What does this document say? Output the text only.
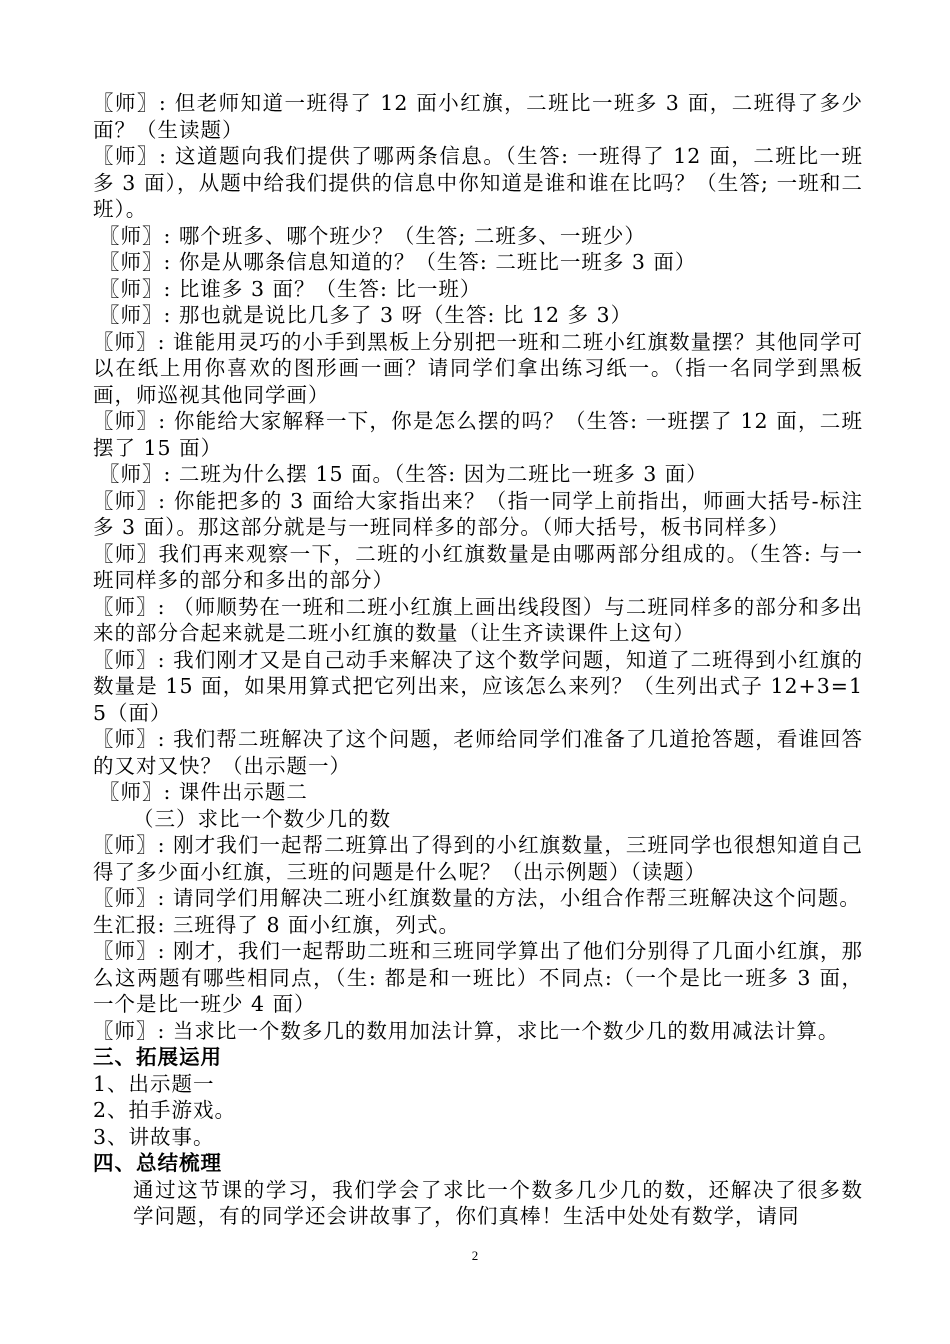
〖师〗: 但老师知道一班得了 12 面小红旗，二班比一班多 3 面，二班得了多少面？（生读题）

〖师〗: 这道题向我们提供了哪两条信息。（生答: 一班得了 12 面，二班比一班多 3 面），从题中给我们提供的信息中你知道是谁和谁在比吗？（生答; 一班和二班）。

〖师〗: 哪个班多、哪个班少？（生答; 二班多、一班少）

〖师〗: 你是从哪条信息知道的？（生答: 二班比一班多 3 面）

〖师〗: 比谁多 3 面？（生答: 比一班）

〖师〗: 那也就是说比几多了 3 呀（生答: 比 12 多 3）

〖师〗: 谁能用灵巧的小手到黑板上分别把一班和二班小红旗数量摆？其他同学可以在纸上用你喜欢的图形画一画？请同学们拿出练习纸一。（指一名同学到黑板画，师巡视其他同学画）

〖师〗: 你能给大家解释一下，你是怎么摆的吗？（生答: 一班摆了 12 面，二班摆了 15 面）

〖师〗: 二班为什么摆 15 面。（生答: 因为二班比一班多 3 面）

〖师〗: 你能把多的 3 面给大家指出来？（指一同学上前指出，师画大括号-标注多 3 面）。那这部分就是与一班同样多的部分。（师大括号，板书同样多）

〖师〗我们再来观察一下，二班的小红旗数量是由哪两部分组成的。（生答: 与一班同样多的部分和多出的部分）

〖师〗: （师顺势在一班和二班小红旗上画出线段图）与二班同样多的部分和多出来的部分合起来就是二班小红旗的数量（让生齐读课件上这句）

〖师〗: 我们刚才又是自己动手来解决了这个数学问题，知道了二班得到小红旗的数量是 15 面，如果用算式把它列出来，应该怎么来列？（生列出式子 12+3=15（面）

〖师〗: 我们帮二班解决了这个问题，老师给同学们准备了几道抢答题，看谁回答的又对又快？（出示题一）

〖师〗: 课件出示题二

（三）求比一个数少几的数

〖师〗: 刚才我们一起帮二班算出了得到的小红旗数量，三班同学也很想知道自己得了多少面小红旗，三班的问题是什么呢？（出示例题）（读题）

〖师〗: 请同学们用解决二班小红旗数量的方法，小组合作帮三班解决这个问题。

生汇报: 三班得了 8 面小红旗，列式。

〖师〗: 刚才，我们一起帮助二班和三班同学算出了他们分别得了几面小红旗，那么这两题有哪些相同点，（生: 都是和一班比）不同点:（一个是比一班多 3 面，一个是比一班少 4 面）

〖师〗: 当求比一个数多几的数用加法计算，求比一个数少几的数用减法计算。

三、拓展运用

1、出示题一

2、拍手游戏。

3、讲故事。

四、总结梳理

通过这节课的学习，我们学会了求比一个数多几少几的数，还解决了很多数学问题，有的同学还会讲故事了，你们真棒！生活中处处有数学，请同

2
